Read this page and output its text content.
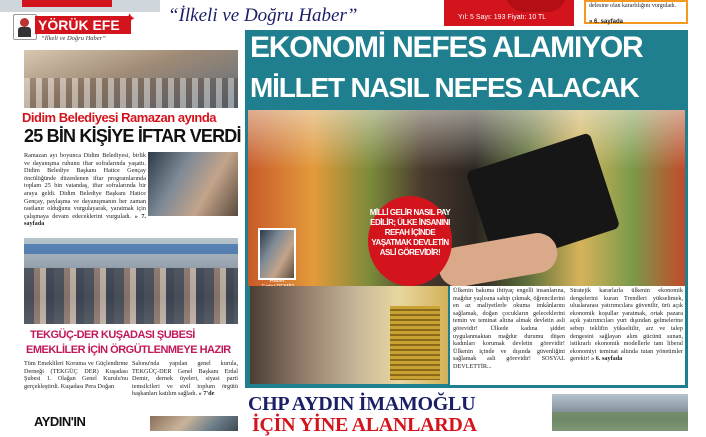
YÖRÜK EFE ✦
“İlkeli ve Doğru Haber”
“İlkeli ve Doğru Haber”	Yıl: 5 Sayı: 193 Fiyatı: 10 TL
delesine olan kararlılığını vurguladı.
» 6. sayfada
Didim Belediyesi Ramazan ayında
25 BİN KİŞİYE İFTAR VERDİ
Ramazan ayı boyunca Didim Belediyesi, birlik ve dayanışma ruhunu iftar sofralarında yaşattı. Didim Belediye Başkanı Hatice Gençay öncülüğünde düzenlenen iftar programlarında toplam 25 bin vatandaş, iftar sofralarında bir araya geldi. Didim Belediye Başkanı Hatice Gençay, paylaşma ve dayanışmanın her zaman rastlanır olduğunu vurgulayarak, yaratmak için çalışmaya devam edeceklerini vurguladı. » 7. sayfada
TEKGÜÇ-DER KUŞADASI ŞUBESİ
EMEKLİLER İÇİN ÖRGÜTLENMEYE HAZIR
Tüm Emeklileri Koruma ve Güçlendirme Derneği (TEKGÜÇ DER) Kuşadası Şubesi 1. Olağan Genel Kurulu'nu gerçekleştirdi. Kuşadası Pera Doğan
Salonu'nda yapılan genel kurula, TEKGÜÇ-DER Genel Başkanı Erdal Demir, dernek üyeleri, siyasi parti temsilcileri ve sivil toplum örgütü başkanları katılım sağladı. » 7'de
AYDIN'IN
EKONOMİ NEFES ALAMIYOR
MİLLET NASIL NEFES ALACAK
MİLLİ GELİR NASIL PAY EDİLİR; ÜLKE İNSANINI REFAH İÇİNDE YAŞATMAK DEVLETİN ASLİ GÖREVİDİR!
Haber:
Ülkenin bakıma ihtiyaç engelli insanlarına, mağdur yaşlısına sahip çıkmak, öğrencilerini en az maliyetlerle okuma imkânlarını sağlamak, doğan çocukların geleceklerini temin ve teminat altına almak devletin asli görevidir! Ülkede kadına şiddet uygulanmaktan mağdur durumu düşen kadınları korumak devletin görevidir! Ülkenin içinde ve dışında güvenliğini sağlamak asli görevidir! SOSYAL DEVLETTİR...
Stratejik kararlarla ülkenin ekonomik dengelerini kuran Trendleri yükseltmek, uluslararası yatırımcılara güvenilir, ürü açık ekonomik koşullar yaratmak, ortak pazara açık yatırımcıları yurt dışından gelmelerine sebep teklifin yükseltilir, arz ve talep dengesini sağlayan alım gücünü sunan, istikrarlı ekonomik modellerle tam liberal ekonomiyi teminat altında tutan yönetimler gerekir! » 6. sayfada
CHP AYDIN İMAMOĞLU
İÇİN YİNE ALANLARDA
